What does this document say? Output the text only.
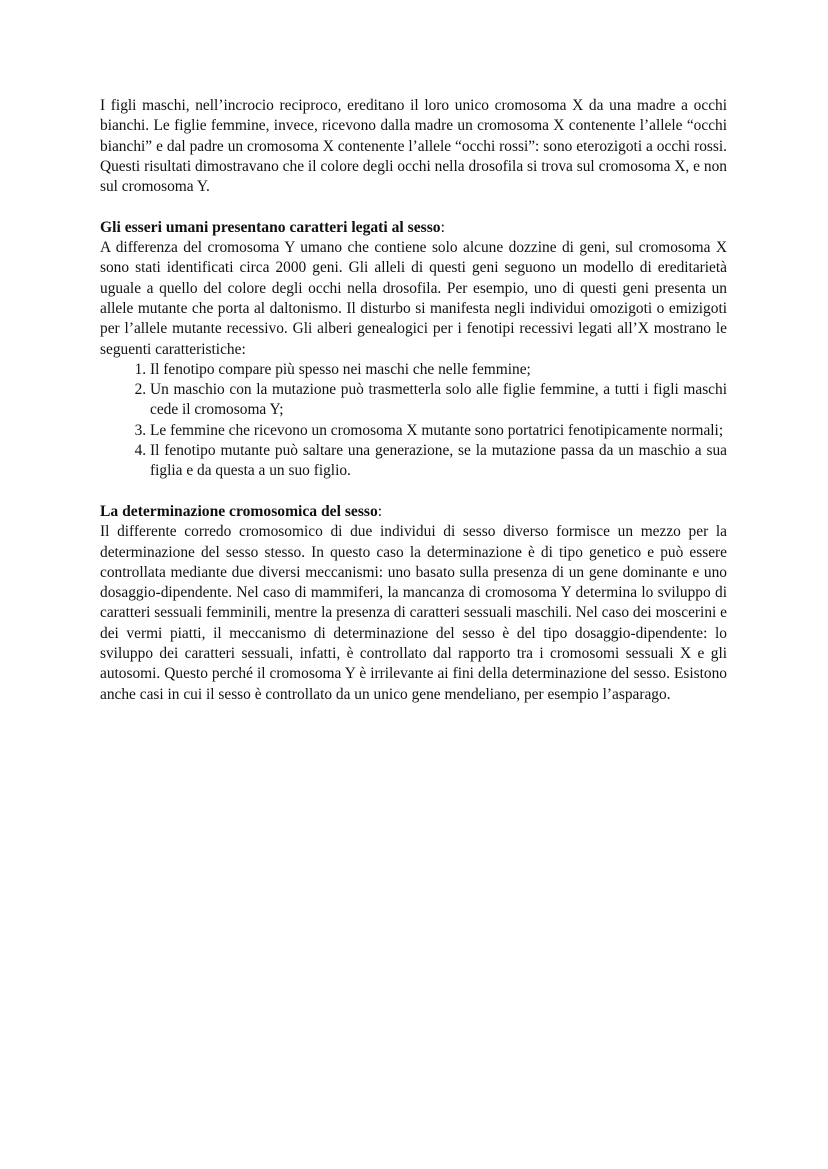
I figli maschi, nell’incrocio reciproco, ereditano il loro unico cromosoma X da una madre a occhi bianchi. Le figlie femmine, invece, ricevono dalla madre un cromosoma X contenente l’allele “occhi bianchi” e dal padre un cromosoma X contenente l’allele “occhi rossi”: sono eterozigoti a occhi rossi. Questi risultati dimostravano che il colore degli occhi nella drosofila si trova sul cromosoma X, e non sul cromosoma Y.

Gli esseri umani presentano caratteri legati al sesso:

A differenza del cromosoma Y umano che contiene solo alcune dozzine di geni, sul cromosoma X sono stati identificati circa 2000 geni. Gli alleli di questi geni seguono un modello di ereditarietà uguale a quello del colore degli occhi nella drosofila. Per esempio, uno di questi geni presenta un allele mutante che porta al daltonismo. Il disturbo si manifesta negli individui omozigoti o emizigoti per l’allele mutante recessivo. Gli alberi genealogici per i fenotipi recessivi legati all’X mostrano le seguenti caratteristiche:

1. Il fenotipo compare più spesso nei maschi che nelle femmine;
2. Un maschio con la mutazione può trasmetterla solo alle figlie femmine, a tutti i figli maschi cede il cromosoma Y;
3. Le femmine che ricevono un cromosoma X mutante sono portatrici fenotipicamente normali;
4. Il fenotipo mutante può saltare una generazione, se la mutazione passa da un maschio a sua figlia e da questa a un suo figlio.
La determinazione cromosomica del sesso:

Il differente corredo cromosomico di due individui di sesso diverso formisce un mezzo per la determinazione del sesso stesso. In questo caso la determinazione è di tipo genetico e può essere controllata mediante due diversi meccanismi: uno basato sulla presenza di un gene dominante e uno dosaggio-dipendente. Nel caso di mammiferi, la mancanza di cromosoma Y determina lo sviluppo di caratteri sessuali femminili, mentre la presenza di caratteri sessuali maschili. Nel caso dei moscerini e dei vermi piatti, il meccanismo di determinazione del sesso è del tipo dosaggio-dipendente: lo sviluppo dei caratteri sessuali, infatti, è controllato dal rapporto tra i cromosomi sessuali X e gli autosomi. Questo perché il cromosoma Y è irrilevante ai fini della determinazione del sesso. Esistono anche casi in cui il sesso è controllato da un unico gene mendeliano, per esempio l’asparago.
